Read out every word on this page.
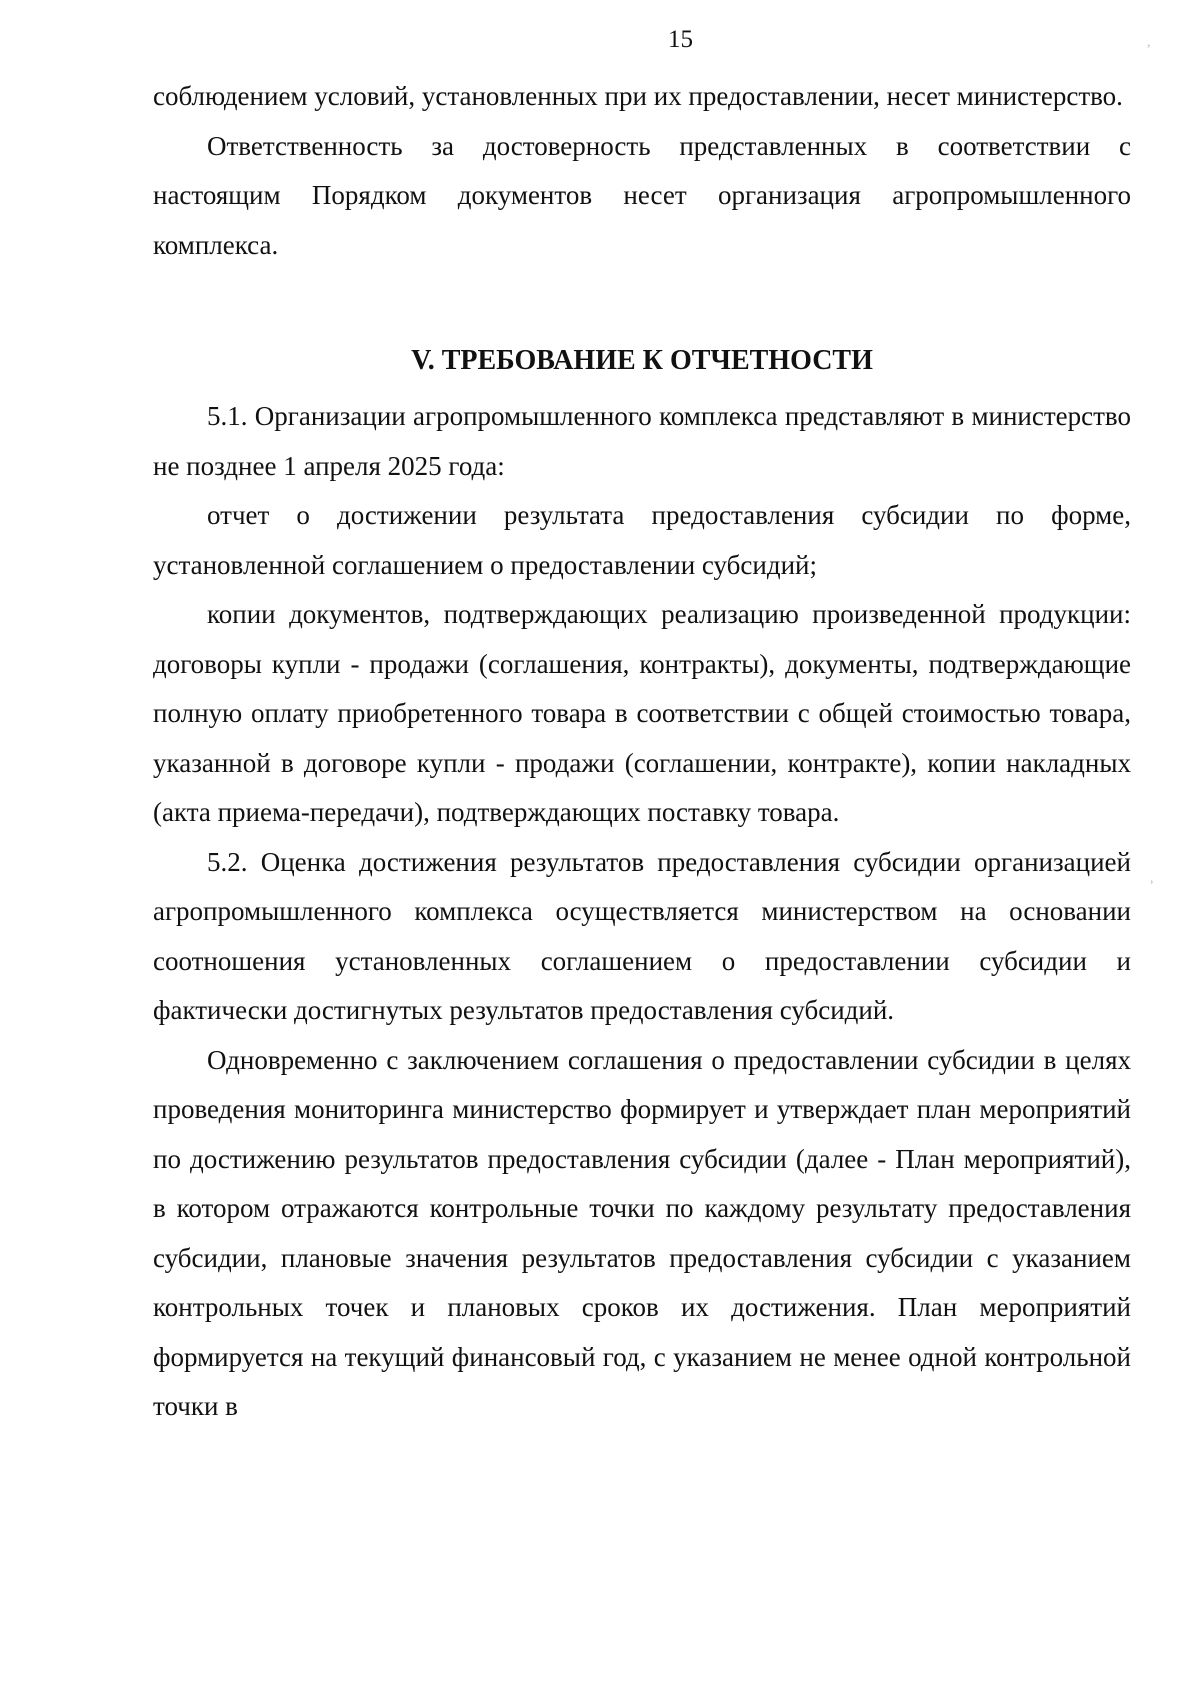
15	,
,

соблюдением условий, установленных при их предоставлении, несет министерство.

Ответственность за достоверность представленных в соответствии с настоящим Порядком документов несет организация агропромышленного комплекса.

V. ТРЕБОВАНИЕ К ОТЧЕТНОСТИ

5.1. Организации агропромышленного комплекса представляют в министерство не позднее 1 апреля 2025 года:

отчет о достижении результата предоставления субсидии по форме, установленной соглашением о предоставлении субсидий;

копии документов, подтверждающих реализацию произведенной продукции: договоры купли - продажи (соглашения, контракты), документы, подтверждающие полную оплату приобретенного товара в соответствии с общей стоимостью товара, указанной в договоре купли - продажи (соглашении, контракте), копии накладных (акта приема-передачи), подтверждающих поставку товара.

5.2. Оценка достижения результатов предоставления субсидии организацией агропромышленного комплекса осуществляется министерством на основании соотношения установленных соглашением о предоставлении субсидии и фактически достигнутых результатов предоставления субсидий.

Одновременно с заключением соглашения о предоставлении субсидии в целях проведения мониторинга министерство формирует и утверждает план мероприятий по достижению результатов предоставления субсидии (далее - План мероприятий), в котором отражаются контрольные точки по каждому результату предоставления субсидии, плановые значения результатов предоставления субсидии с указанием контрольных точек и плановых сроков их достижения. План мероприятий формируется на текущий финансовый год, с указанием не менее одной контрольной точки в
